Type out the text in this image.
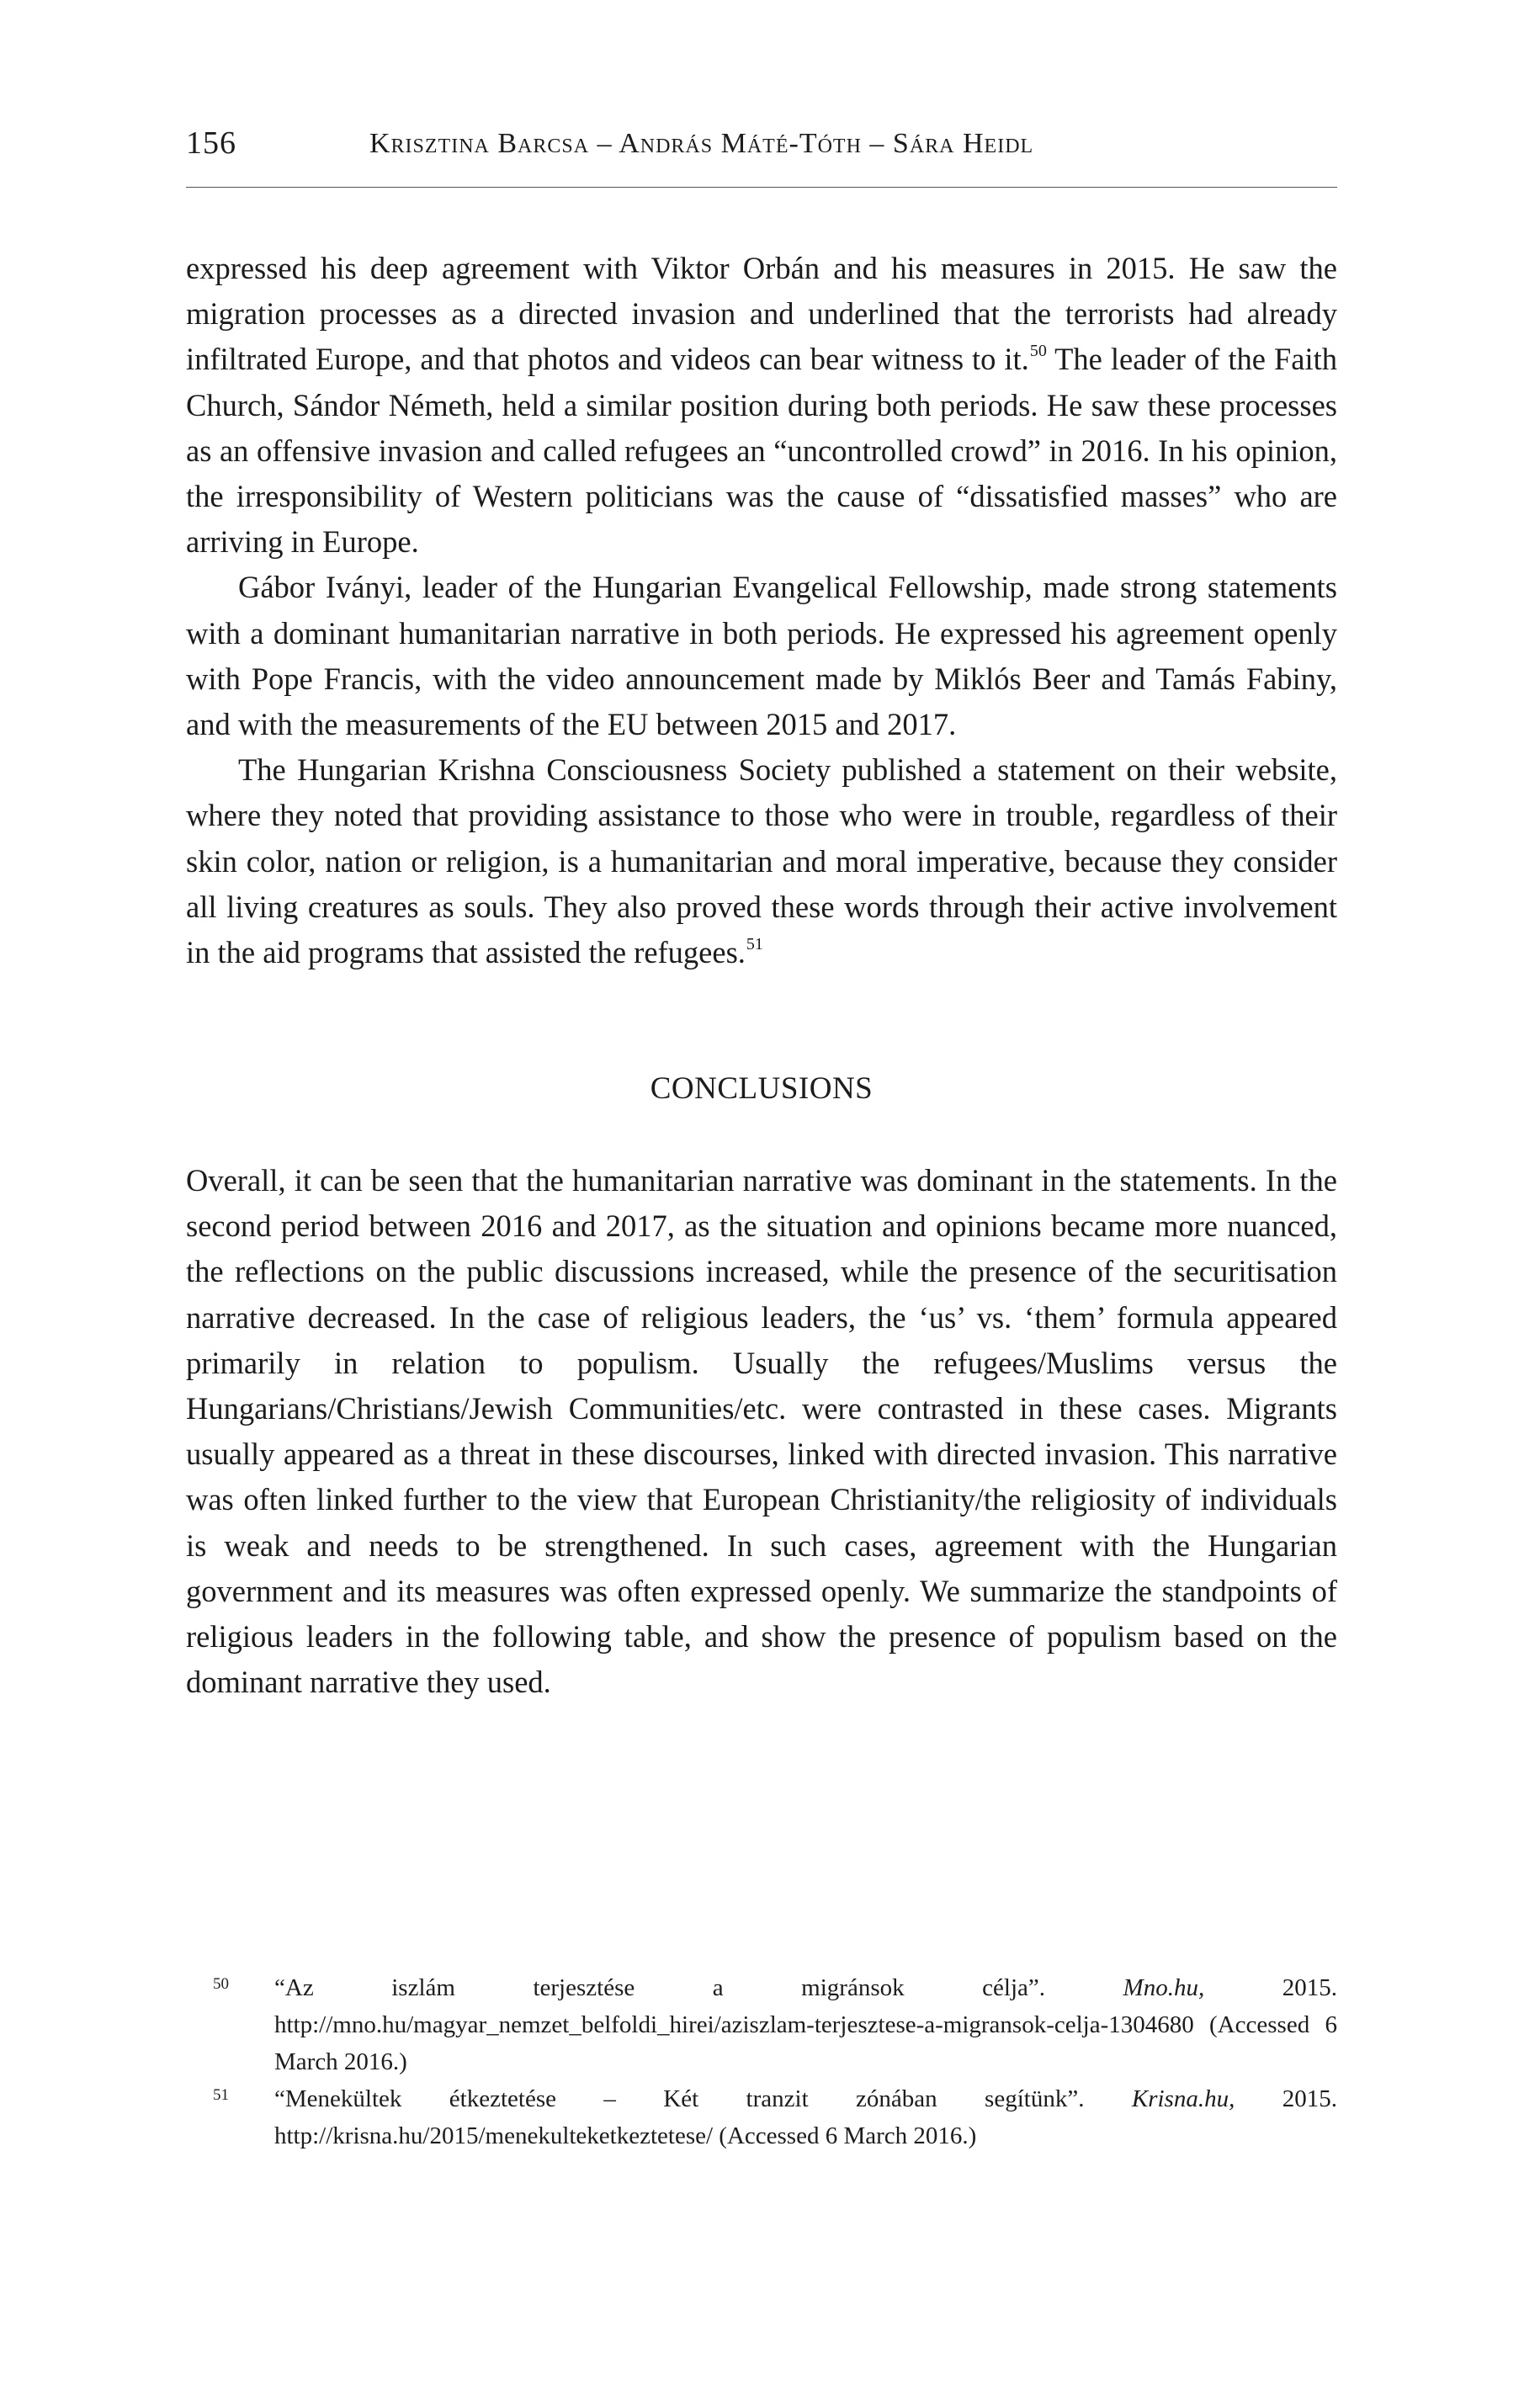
156	Krisztina Barcsa – András Máté-Tóth – Sára Heidl

expressed his deep agreement with Viktor Orbán and his measures in 2015. He saw the migration processes as a directed invasion and underlined that the terrorists had already infiltrated Europe, and that photos and videos can bear witness to it.$^{50}$ The leader of the Faith Church, Sándor Németh, held a similar position during both periods. He saw these processes as an offensive invasion and called refugees an “uncontrolled crowd” in 2016. In his opinion, the irresponsibility of Western politicians was the cause of “dissatisfied masses” who are arriving in Europe.

Gábor Iványi, leader of the Hungarian Evangelical Fellowship, made strong statements with a dominant humanitarian narrative in both periods. He expressed his agreement openly with Pope Francis, with the video announcement made by Miklós Beer and Tamás Fabiny, and with the measurements of the EU between 2015 and 2017.

The Hungarian Krishna Consciousness Society published a statement on their website, where they noted that providing assistance to those who were in trouble, regardless of their skin color, nation or religion, is a humanitarian and moral imperative, because they consider all living creatures as souls. They also proved these words through their active involvement in the aid programs that assisted the refugees.$^{51}$

CONCLUSIONS

Overall, it can be seen that the humanitarian narrative was dominant in the statements. In the second period between 2016 and 2017, as the situation and opinions became more nuanced, the reflections on the public discussions increased, while the presence of the securitisation narrative decreased. In the case of religious leaders, the ‘us’ vs. ‘them’ formula appeared primarily in relation to populism. Usually the refugees/Muslims versus the Hungarians/Christians/Jewish Communities/etc. were contrasted in these cases. Migrants usually appeared as a threat in these discourses, linked with directed invasion. This narrative was often linked further to the view that European Christianity/the religiosity of individuals is weak and needs to be strengthened. In such cases, agreement with the Hungarian government and its measures was often expressed openly. We summarize the standpoints of religious leaders in the following table, and show the presence of populism based on the dominant narrative they used.

50 “Az iszlám terjesztése a migránsok célja”. Mno.hu, 2015. http://mno.hu/magyar_nemzet_belfoldi_hirei/aziszlam-terjesztese-a-migransok-celja-1304680 (Accessed 6 March 2016.)
51 “Menekültek étkeztetése – Két tranzit zónában segítünk”. Krisna.hu, 2015. http://krisna.hu/2015/menekulteketkeztetese/ (Accessed 6 March 2016.)
